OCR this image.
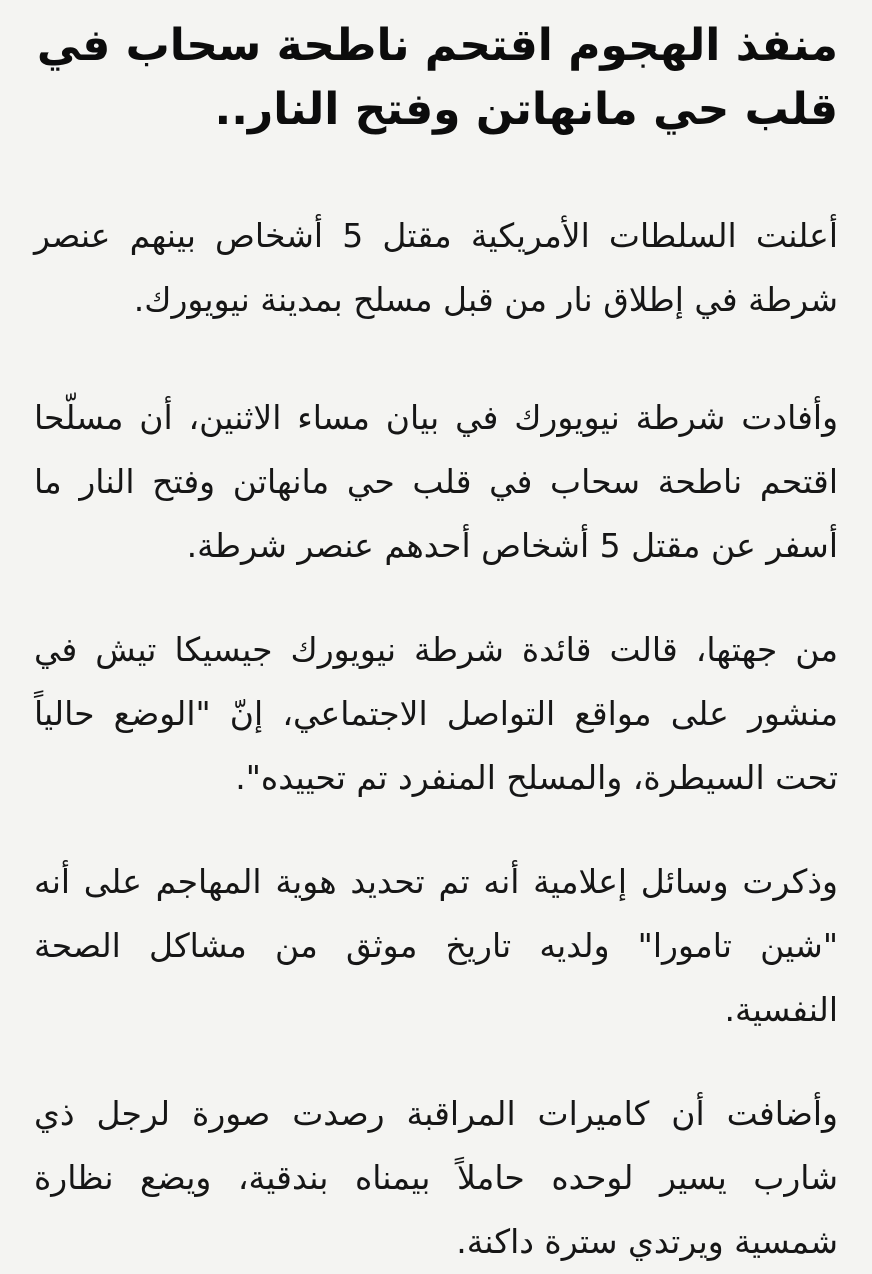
منفذ الهجوم اقتحم ناطحة سحاب في قلب حي مانهاتن وفتح النار..

أعلنت السلطات الأمريكية مقتل 5 أشخاص بينهم عنصر شرطة في إطلاق نار من قبل مسلح بمدينة نيويورك.

وأفادت شرطة نيويورك في بيان مساء الاثنين، أن مسلّحا اقتحم ناطحة سحاب في قلب حي مانهاتن وفتح النار ما أسفر عن مقتل 5 أشخاص أحدهم عنصر شرطة.

من جهتها، قالت قائدة شرطة نيويورك جيسيكا تيش في منشور على مواقع التواصل الاجتماعي، إنّ "الوضع حالياً تحت السيطرة، والمسلح المنفرد تم تحييده".

وذكرت وسائل إعلامية أنه تم تحديد هوية المهاجم على أنه "شين تامورا" ولديه تاريخ موثق من مشاكل الصحة النفسية.

وأضافت أن كاميرات المراقبة رصدت صورة لرجل ذي شارب يسير لوحده حاملاً بيمناه بندقية، ويضع نظارة شمسية ويرتدي سترة داكنة.
